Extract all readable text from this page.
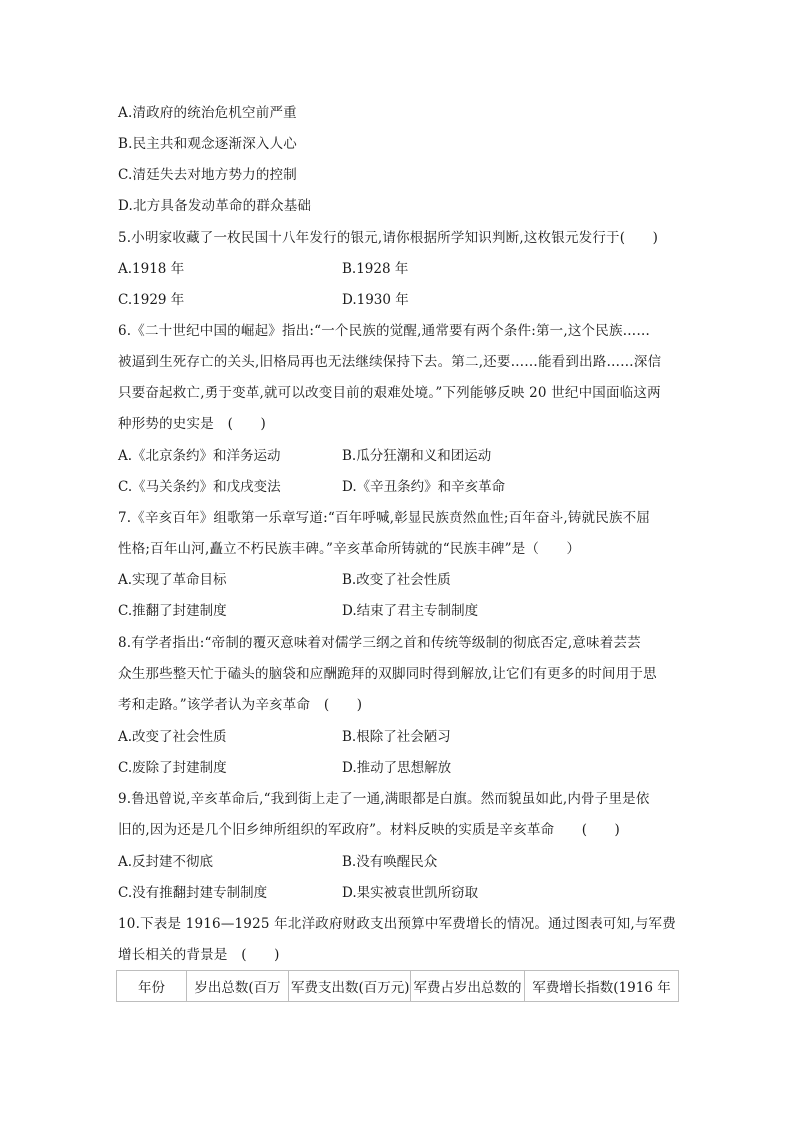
A.清政府的统治危机空前严重
B.民主共和观念逐渐深入人心
C.清廷失去对地方势力的控制
D.北方具备发动革命的群众基础
5.小明家收藏了一枚民国十八年发行的银元,请你根据所学知识判断,这枚银元发行于(　　)
A.1918 年	B.1928 年
C.1929 年	D.1930 年
6.《二十世纪中国的崛起》指出:“一个民族的觉醒,通常要有两个条件:第一,这个民族……
被逼到生死存亡的关头,旧格局再也无法继续保持下去。第二,还要……能看到出路……深信
只要奋起救亡,勇于变革,就可以改变目前的艰难处境。”下列能够反映 20 世纪中国面临这两
种形势的史实是　(　　)
A.《北京条约》和洋务运动	B.瓜分狂潮和义和团运动
C.《马关条约》和戊戌变法	D.《辛丑条约》和辛亥革命
7.《辛亥百年》组歌第一乐章写道:“百年呼喊,彰显民族贲然血性;百年奋斗,铸就民族不屈
性格;百年山河,矗立不朽民族丰碑。”辛亥革命所铸就的“民族丰碑”是（　　）
A.实现了革命目标	B.改变了社会性质
C.推翻了封建制度	D.结束了君主专制制度
8.有学者指出:“帝制的覆灭意味着对儒学三纲之首和传统等级制的彻底否定,意味着芸芸
众生那些整天忙于磕头的脑袋和应酬跪拜的双脚同时得到解放,让它们有更多的时间用于思
考和走路。”该学者认为辛亥革命　(　　)
A.改变了社会性质	B.根除了社会陋习
C.废除了封建制度	D.推动了思想解放
9.鲁迅曾说,辛亥革命后,“我到街上走了一通,满眼都是白旗。然而貌虽如此,内骨子里是依
旧的,因为还是几个旧乡绅所组织的军政府”。材料反映的实质是辛亥革命　　(　　)
A.反封建不彻底	B.没有唤醒民众
C.没有推翻封建专制制度	D.果实被袁世凯所窃取
10.下表是 1916—1925 年北洋政府财政支出预算中军费增长的情况。通过图表可知,与军费
增长相关的背景是　(　　)
年份	岁出总数(百万	军费支出数(百万元)	军费占岁出总数的	军费增长指数(1916 年
